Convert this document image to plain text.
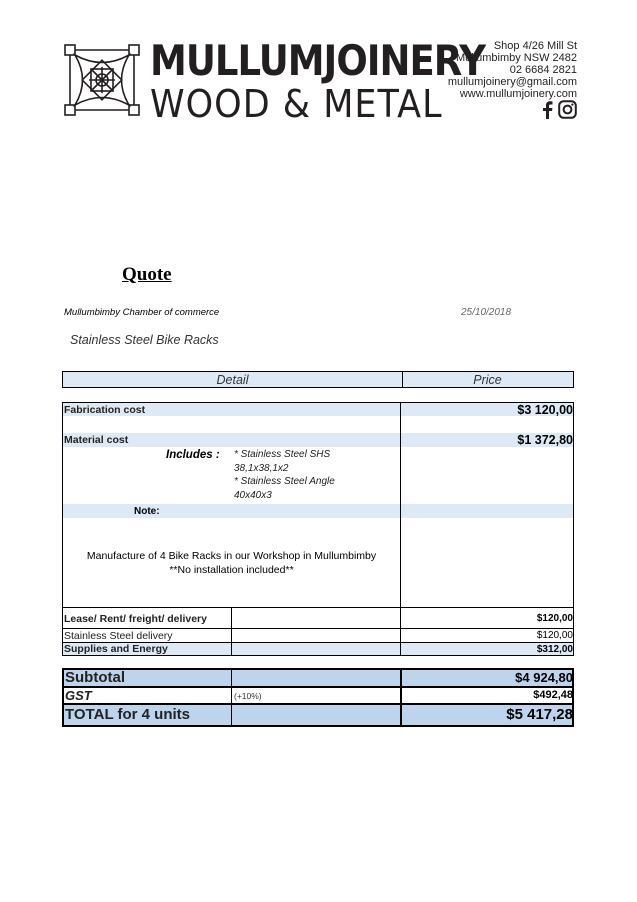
MULLUMJOINERY
WOOD & METAL
Shop 4/26 Mill St
Mullumbimby NSW 2482
02 6684 2821
mullumjoinery@gmail.com
www.mullumjoinery.com
Quote
Mullumbimby Chamber of commerce	25/10/2018
Stainless Steel Bike Racks
Detail	Price
Fabrication cost	$3 120,00
Material cost	$1 372,80
Includes : * Stainless Steel SHS
38,1x38,1x2
* Stainless Steel Angle
40x40x3
Note:
Manufacture of 4 Bike Racks in our Workshop in Mullumbimby
**No installation included**
Lease/ Rent/ freight/ delivery	$120,00
Stainless Steel delivery	$120,00
Supplies and Energy	$312,00
Subtotal	$4 924,80
GST	(+10%)	$492,48
TOTAL for 4 units	$5 417,28
